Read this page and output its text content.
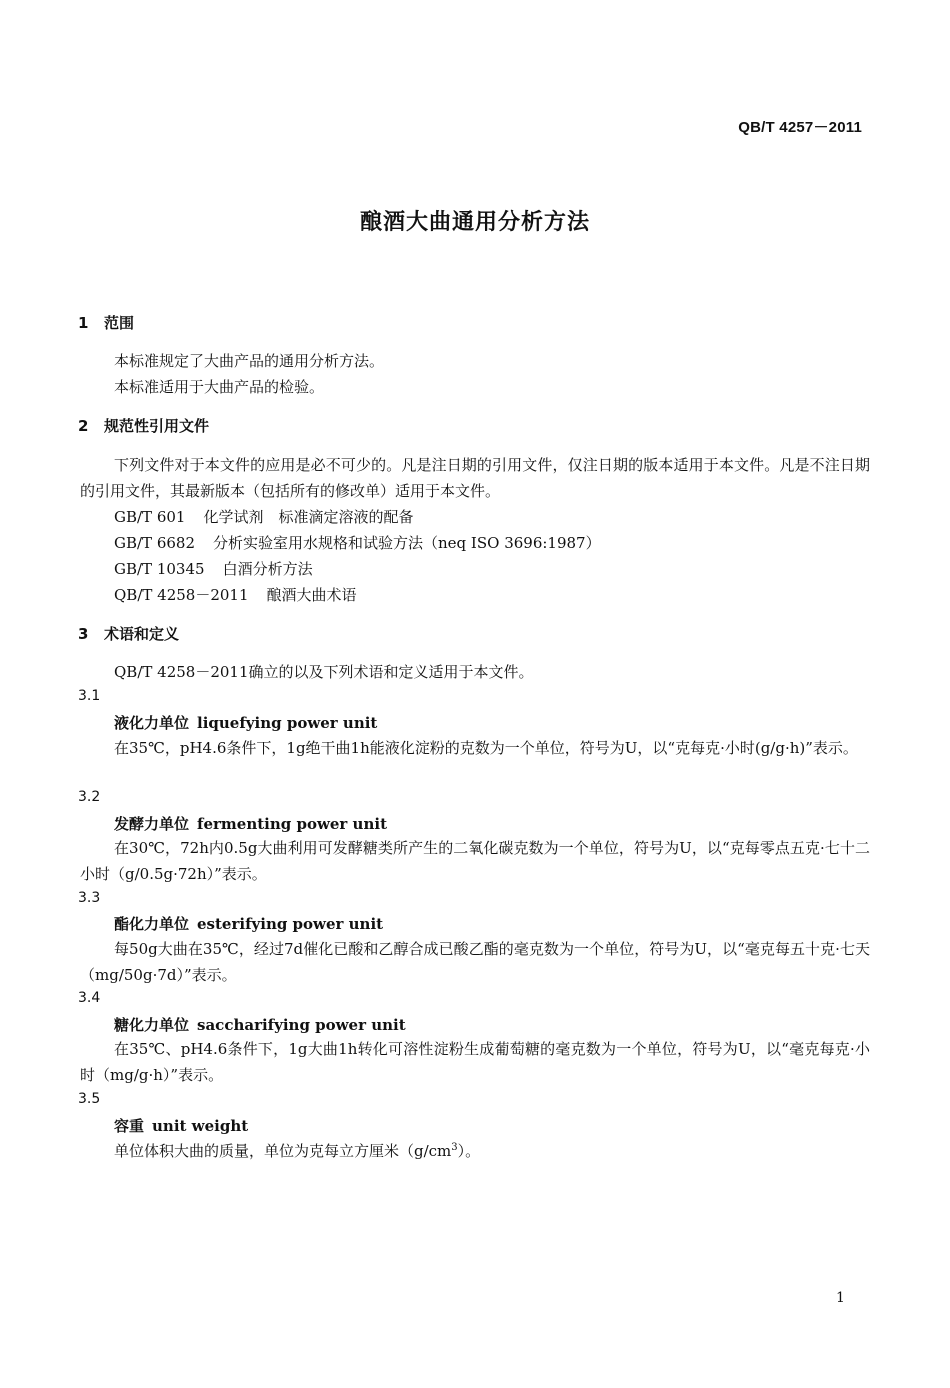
QB/T 4257－2011
酿酒大曲通用分析方法
1 范围
本标准规定了大曲产品的通用分析方法。
本标准适用于大曲产品的检验。
2 规范性引用文件
下列文件对于本文件的应用是必不可少的。凡是注日期的引用文件，仅注日期的版本适用于本文件。凡是不注日期的引用文件，其最新版本（包括所有的修改单）适用于本文件。
GB/T 601 化学试剂　标准滴定溶液的配备
GB/T 6682 分析实验室用水规格和试验方法（neq ISO 3696:1987）
GB/T 10345 白酒分析方法
QB/T 4258－2011 酿酒大曲术语
3 术语和定义
QB/T 4258－2011确立的以及下列术语和定义适用于本文件。
3.1
液化力单位 liquefying power unit
在35℃，pH4.6条件下，1g绝干曲1h能液化淀粉的克数为一个单位，符号为U，以“克每克·小时(g/g·h)”表示。
3.2
发酵力单位 fermenting power unit
在30℃，72h内0.5g大曲利用可发酵糖类所产生的二氧化碳克数为一个单位，符号为U，以“克每零点五克·七十二小时（g/0.5g·72h）”表示。
3.3
酯化力单位 esterifying power unit
每50g大曲在35℃，经过7d催化已酸和乙醇合成已酸乙酯的毫克数为一个单位，符号为U，以“毫克每五十克·七天（mg/50g·7d）”表示。
3.4
糖化力单位 saccharifying power unit
在35℃、pH4.6条件下，1g大曲1h转化可溶性淀粉生成葡萄糖的毫克数为一个单位，符号为U，以“毫克每克·小时（mg/g·h）”表示。
3.5
容重 unit weight
单位体积大曲的质量，单位为克每立方厘米$(g/cm^3)$。
1
